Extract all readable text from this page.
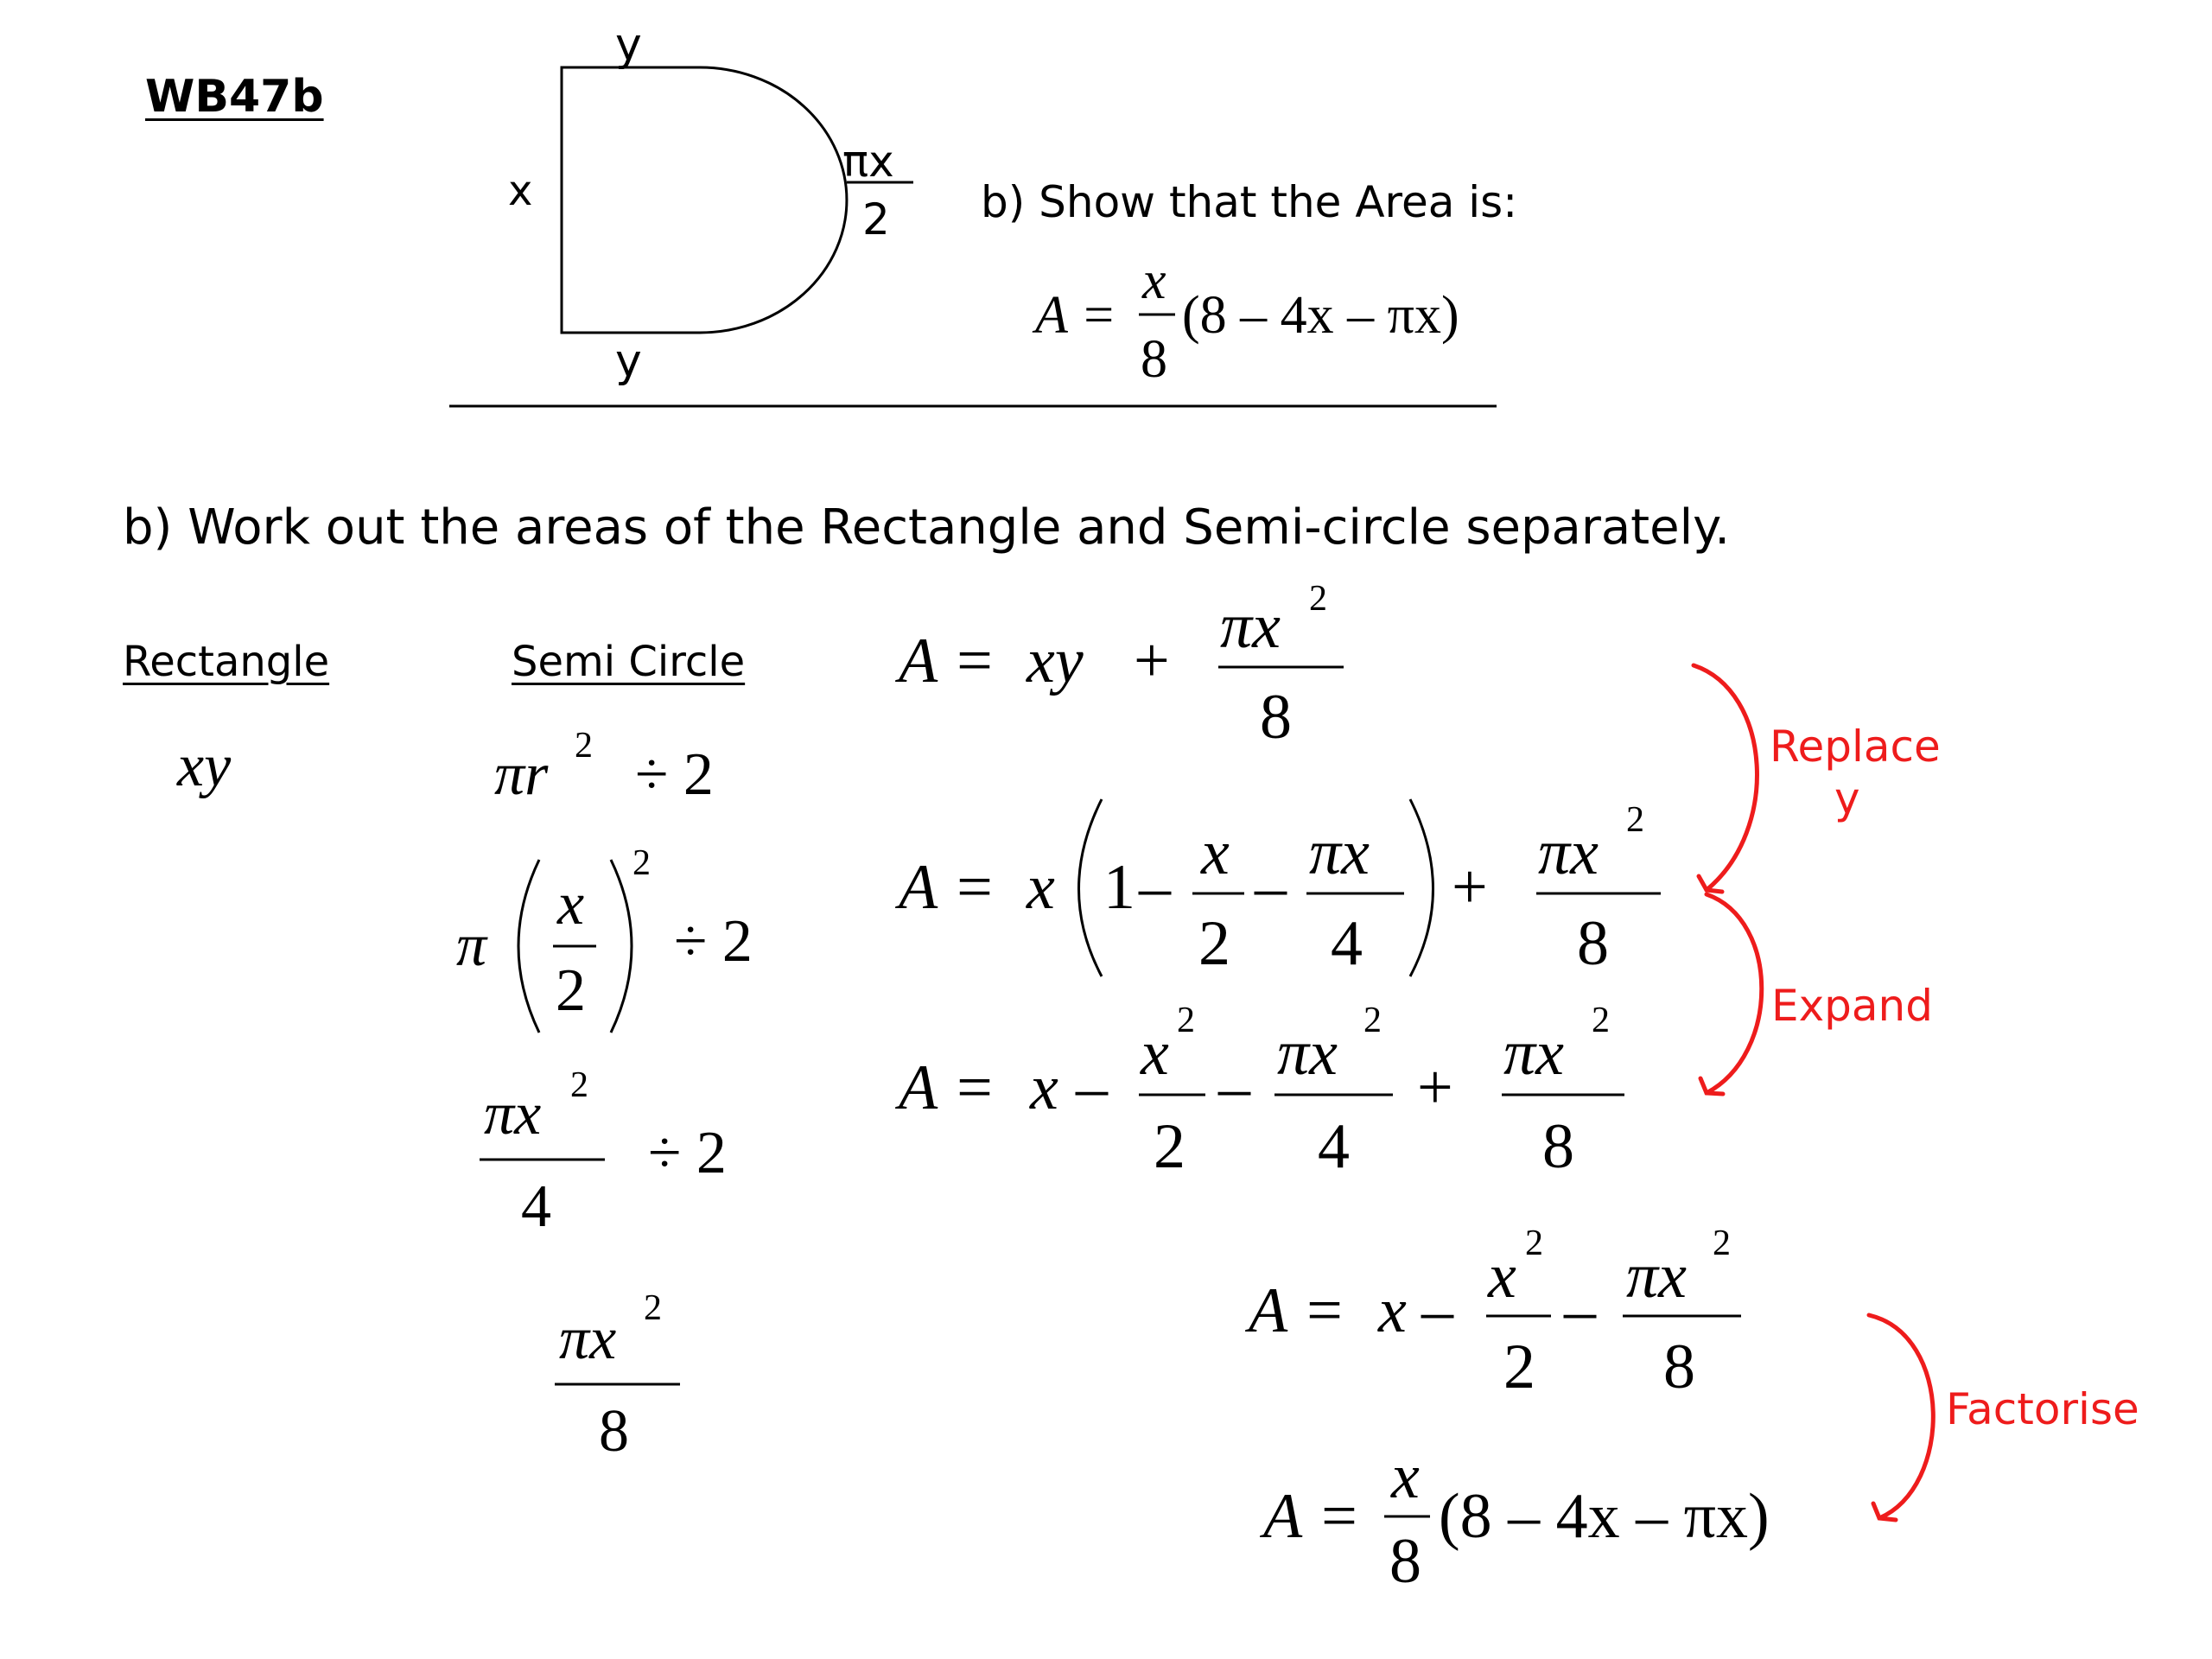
WB47b
y
y
x
πx
2 b) Show that the Area is:
A =
x
8
(8 – 4x – πx)
b) Work out the areas of the Rectangle and Semi-circle separately.
Rectangle
xy
Semi Circle
πr 2 ÷ 2
π
x
2
2
÷ 2
πx 2
4
÷ 2
πx 2
8
A = xy + πx 2
8
A = x 1 – x
2
– πx
4
+ πx 2
8
A = x – x 2
2
– πx 2
4
+ πx 2
8
A = x – x 2
2
– πx 2
8
A =
x
8
(8 – 4x – πx)
Replace
y
Expand
Factorise
